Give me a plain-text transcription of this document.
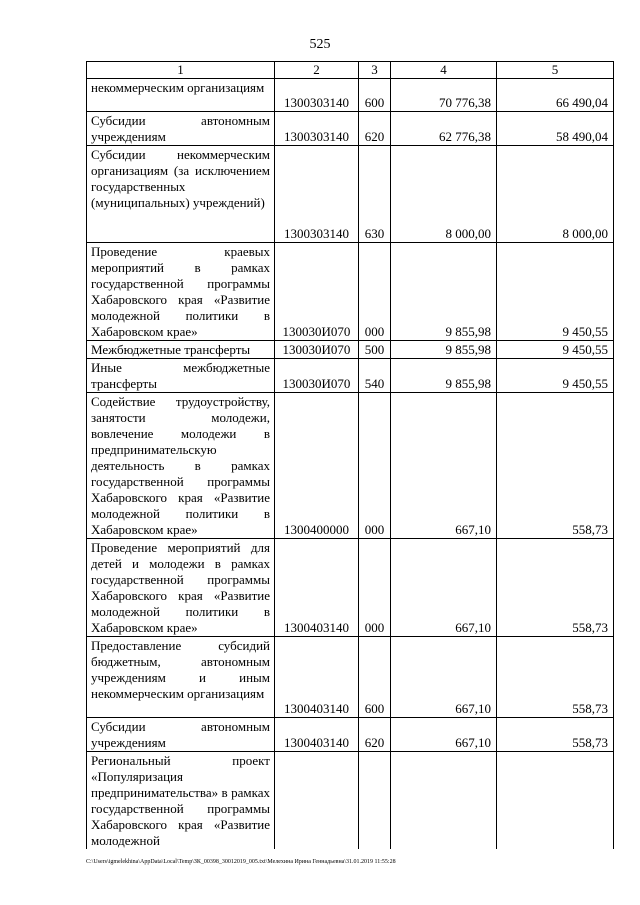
525
1	2	3	4	5
некоммерческим организациям	1300303140	600	70 776,38	66 490,04
Субсидии автономным учреждениям	1300303140	620	62 776,38	58 490,04
Субсидии некоммерческим организациям (за исключением государственных (муниципальных) учреждений)	1300303140	630	8 000,00	8 000,00
Проведение краевых мероприятий в рамках государственной программы Хабаровского края «Развитие молодежной политики в Хабаровском крае»	130030И070	000	9 855,98	9 450,55
Межбюджетные трансферты	130030И070	500	9 855,98	9 450,55
Иные межбюджетные трансферты	130030И070	540	9 855,98	9 450,55
Содействие трудоустройству, занятости молодежи, вовлечение молодежи в предпринимательскую деятельность в рамках государственной программы Хабаровского края «Развитие молодежной политики в Хабаровском крае»	1300400000	000	667,10	558,73
Проведение мероприятий для детей и молодежи в рамках государственной программы Хабаровского края «Развитие молодежной политики в Хабаровском крае»	1300403140	000	667,10	558,73
Предоставление субсидий бюджетным, автономным учреждениям и иным некоммерческим организациям	1300403140	600	667,10	558,73
Субсидии автономным учреждениям	1300403140	620	667,10	558,73
Региональный проект «Популяризация предпринимательства» в рамках государственной программы Хабаровского края «Развитие молодежной				
C:\Users\igmelekhina\AppData\Local\Temp\ЗК_00398_30012019_005.txt\Мелехина Ирина Геннадьевна\31.01.2019 11:55:28
